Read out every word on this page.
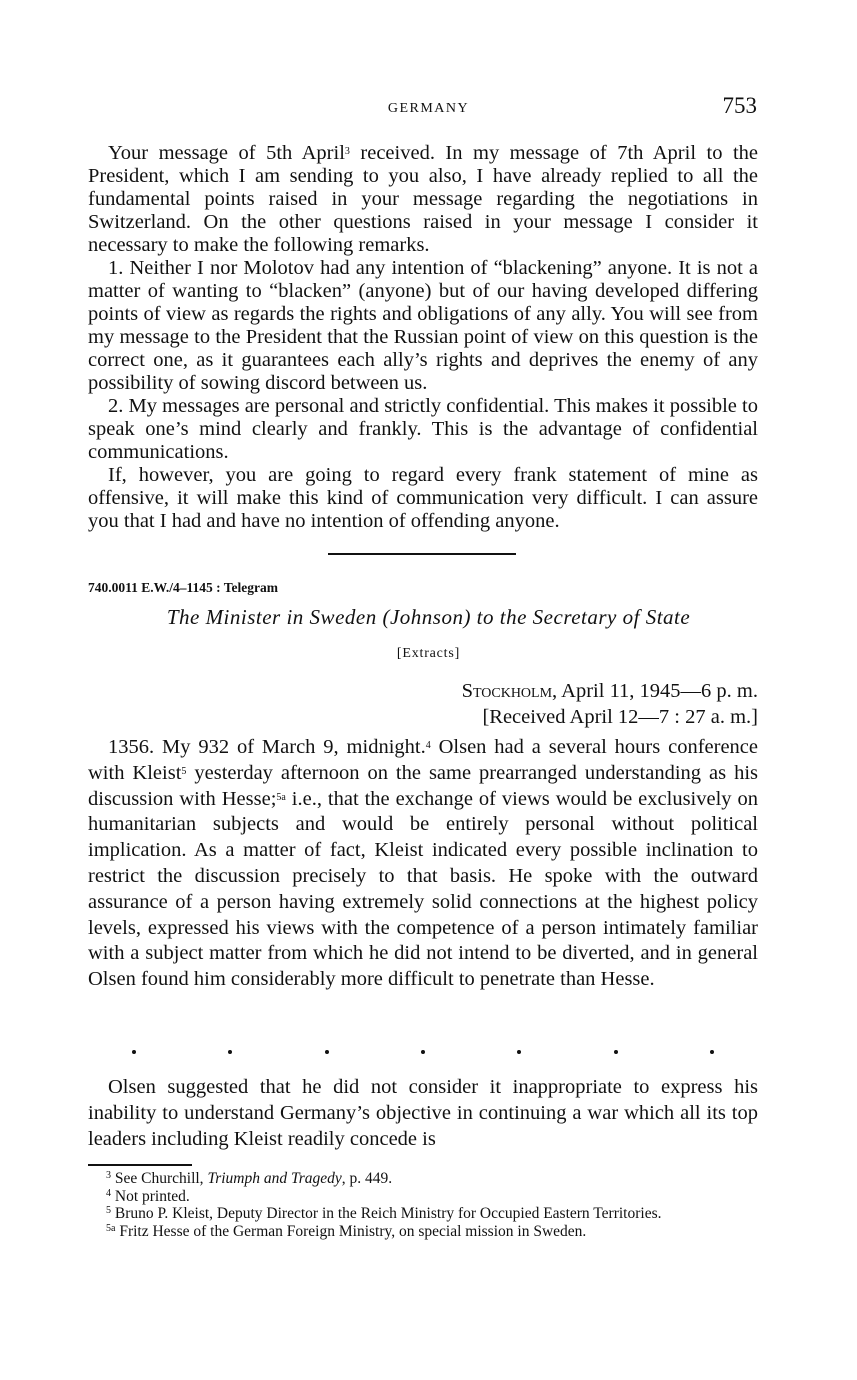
GERMANY	753

Your message of 5th April$^3$ received. In my message of 7th April to the President, which I am sending to you also, I have already replied to all the fundamental points raised in your message regarding the negotiations in Switzerland. On the other questions raised in your message I consider it necessary to make the following remarks.

1. Neither I nor Molotov had any intention of “blackening” anyone. It is not a matter of wanting to “blacken” (anyone) but of our having developed differing points of view as regards the rights and obligations of any ally. You will see from my message to the President that the Russian point of view on this question is the correct one, as it guarantees each ally’s rights and deprives the enemy of any possibility of sowing discord between us.

2. My messages are personal and strictly confidential. This makes it possible to speak one’s mind clearly and frankly. This is the advantage of confidential communications.

If, however, you are going to regard every frank statement of mine as offensive, it will make this kind of communication very difficult. I can assure you that I had and have no intention of offending anyone.

740.0011 E.W./4–1145 : Telegram
The Minister in Sweden (Johnson) to the Secretary of State
[Extracts]
Stockholm, April 11, 1945—6 p. m.
[Received April 12—7 : 27 a. m.]

1356. My 932 of March 9, midnight.$^4$ Olsen had a several hours conference with Kleist$^5$ yesterday afternoon on the same prearranged understanding as his discussion with Hesse;$^{5a}$ i.e., that the exchange of views would be exclusively on humanitarian subjects and would be entirely personal without political implication. As a matter of fact, Kleist indicated every possible inclination to restrict the discussion precisely to that basis. He spoke with the outward assurance of a person having extremely solid connections at the highest policy levels, expressed his views with the competence of a person intimately familiar with a subject matter from which he did not intend to be diverted, and in general Olsen found him considerably more difficult to penetrate than Hesse.

Olsen suggested that he did not consider it inappropriate to express his inability to understand Germany’s objective in continuing a war which all its top leaders including Kleist readily concede is

$^3$ See Churchill, Triumph and Tragedy, p. 449.
$^4$ Not printed.
$^5$ Bruno P. Kleist, Deputy Director in the Reich Ministry for Occupied Eastern Territories.
$^{5a}$ Fritz Hesse of the German Foreign Ministry, on special mission in Sweden.
